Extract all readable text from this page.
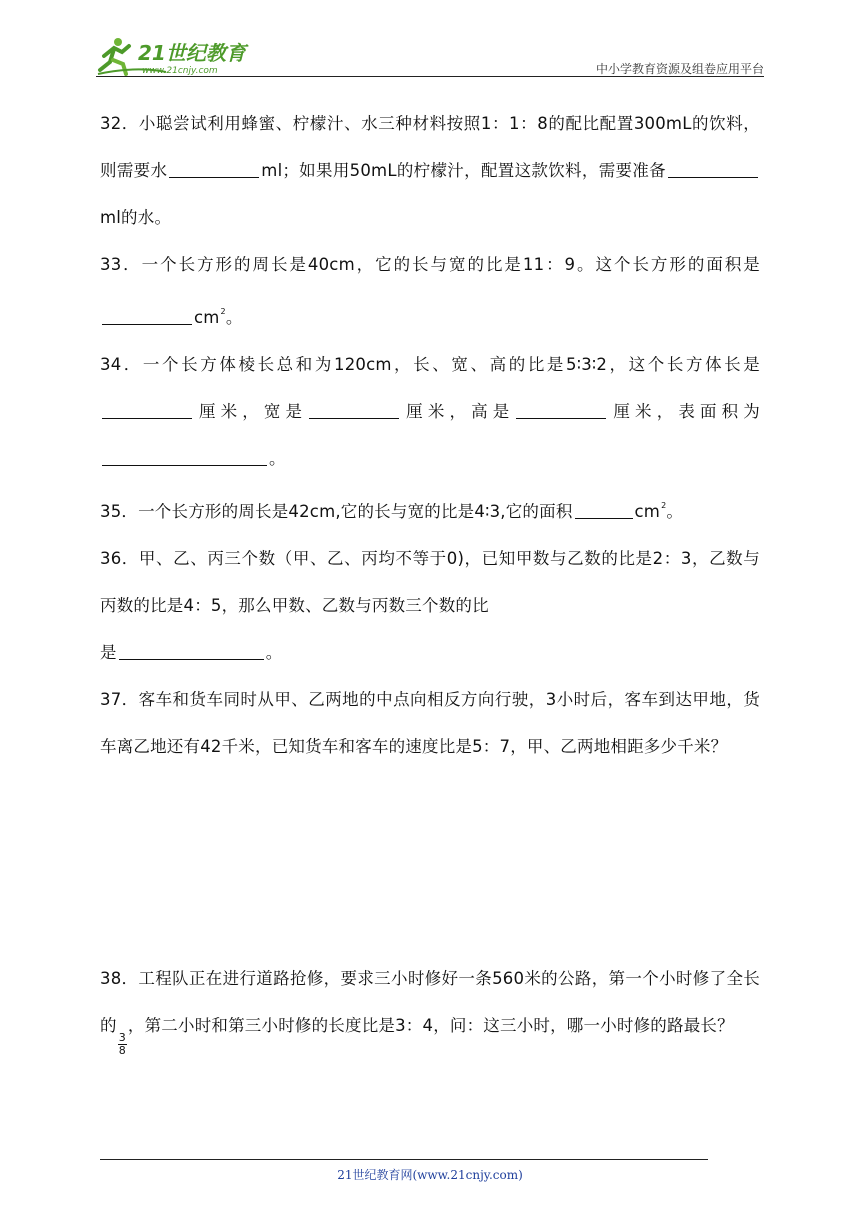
21世纪教育
www.21cnjy.com	中小学教育资源及组卷应用平台

32．小聪尝试利用蜂蜜、柠檬汁、水三种材料按照1：1：8的配比配置300mL的饮料，则需要水	ml；如果用50mL的柠檬汁，配置这款饮料，需要准备ml的水。

33．一个长方形的周长是40cm，它的长与宽的比是11：9。这个长方形的面积是$cm^2$。

34．一个长方体棱长总和为120cm，长、宽、高的比是5∶3∶2，这个长方体长是厘米，宽是	厘米，高是	厘米，表面积为。

35．一个长方形的周长是42cm,它的长与宽的比是4∶3,它的面积	$cm^2$。

36．甲、乙、丙三个数（甲、乙、丙均不等于0)，已知甲数与乙数的比是2：3，乙数与丙数的比是4：5，那么甲数、乙数与丙数三个数的比
是	。

37．客车和货车同时从甲、乙两地的中点向相反方向行驶，3小时后，客车到达甲地，货车离乙地还有42千米，已知货车和客车的速度比是5：7，甲、乙两地相距多少千米？

38．工程队正在进行道路抢修，要求三小时修好一条560米的公路，第一个小时修了全长的
$\frac{3}{8}$
，第二小时和第三小时修的长度比是3：4，问：这三小时，哪一小时修的路最长？

21世纪教育网(www.21cnjy.com)
